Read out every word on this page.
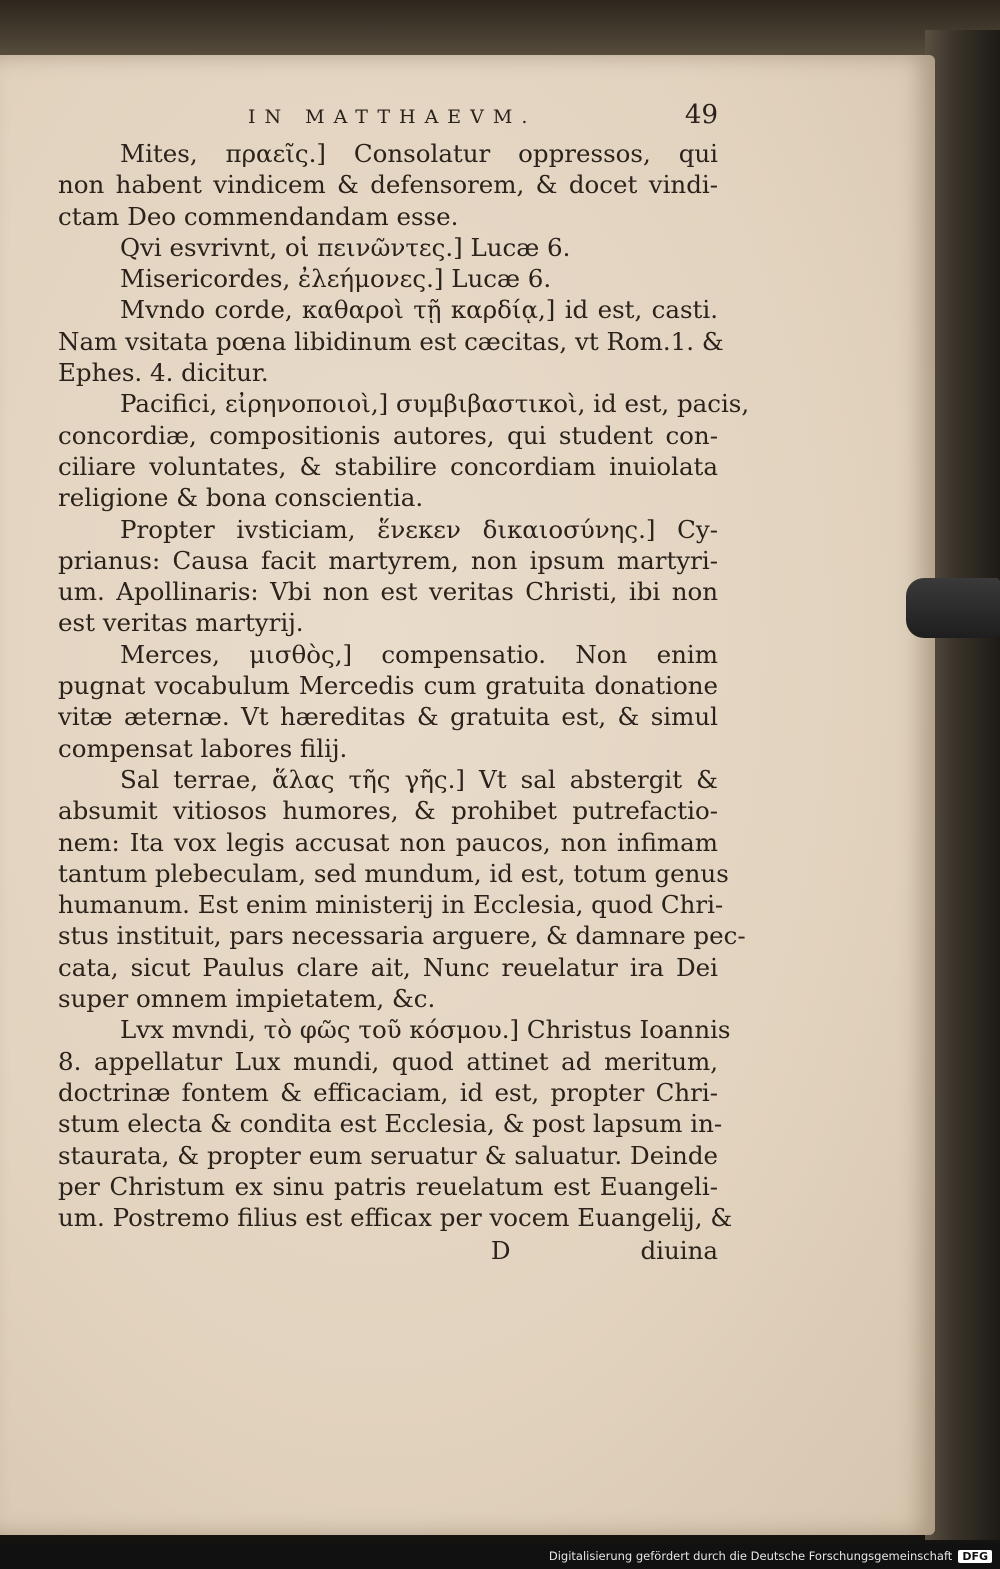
IN MATTHAEVM.	49
Mites, πραεῖς.] Consolatur oppressos, qui
non habent vindicem & defensorem, & docet vindi-
ctam Deo commendandam esse.
Qvi esvrivnt, οἱ πεινῶντες.] Lucæ 6.
Misericordes, ἐλεήμονες.] Lucæ 6.
Mvndo corde, καθαροὶ τῇ καρδίᾳ,] id est, casti.
Nam vsitata pœna libidinum est cæcitas, vt Rom.1. &
Ephes. 4. dicitur.
Pacifici, εἰρηνοποιοὶ,] συμβιβαστικοὶ, id est, pacis,
concordiæ, compositionis autores, qui student con-
ciliare voluntates, & stabilire concordiam inuiolata
religione & bona conscientia.
Propter ivsticiam, ἕνεκεν δικαιοσύνης.] Cy-
prianus: Causa facit martyrem, non ipsum martyri-
um. Apollinaris: Vbi non est veritas Christi, ibi non
est veritas martyrij.
Merces, μισθὸς,] compensatio. Non enim
pugnat vocabulum Mercedis cum gratuita donatione
vitæ æternæ. Vt hæreditas & gratuita est, & simul
compensat labores filij.
Sal terrae, ἅλας τῆς γῆς.] Vt sal abstergit &
absumit vitiosos humores, & prohibet putrefactio-
nem: Ita vox legis accusat non paucos, non infimam
tantum plebeculam, sed mundum, id est, totum genus
humanum. Est enim ministerij in Ecclesia, quod Chri-
stus instituit, pars necessaria arguere, & damnare pec-
cata, sicut Paulus clare ait, Nunc reuelatur ira Dei
super omnem impietatem, &c.
Lvx mvndi, τὸ φῶς τοῦ κόσμου.] Christus Ioannis
8. appellatur Lux mundi, quod attinet ad meritum,
doctrinæ fontem & efficaciam, id est, propter Chri-
stum electa & condita est Ecclesia, & post lapsum in-
staurata, & propter eum seruatur & saluatur. Deinde
per Christum ex sinu patris reuelatum est Euangeli-
um. Postremo filius est efficax per vocem Euangelij, &
D	diuina
Digitalisierung gefördert durch die Deutsche Forschungsgemeinschaft DFG
